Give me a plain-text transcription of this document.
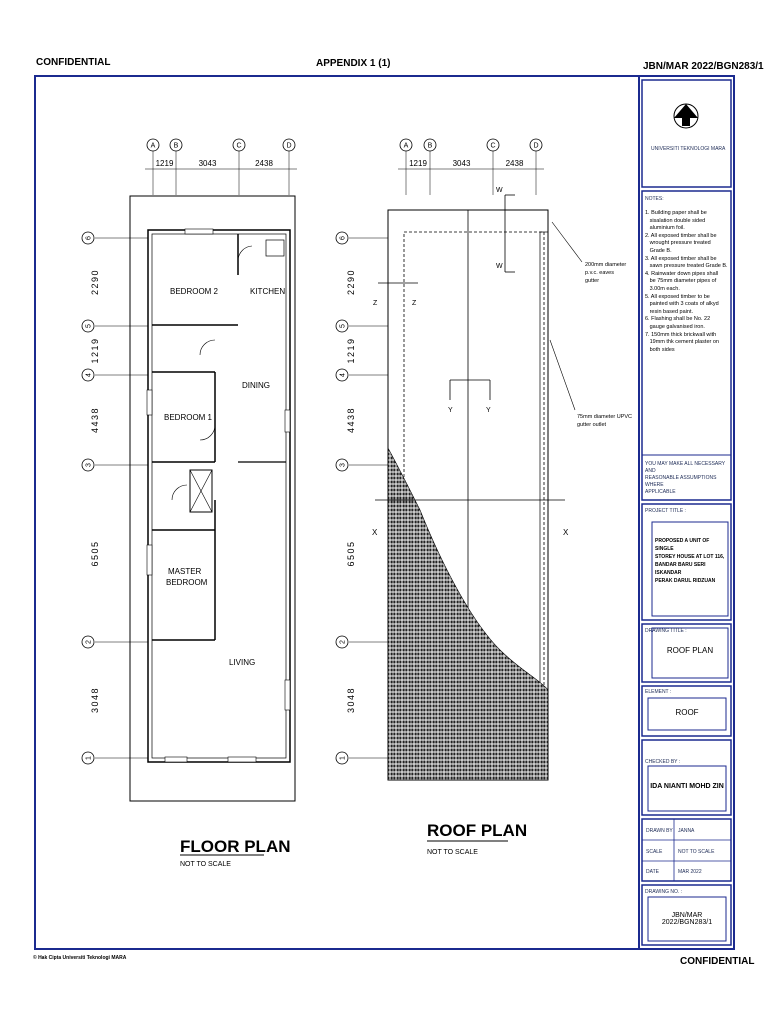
CONFIDENTIAL	APPENDIX 1 (1)	JBN/MAR 2022/BGN283/1
© Hak Cipta Universiti Teknologi MARA	CONFIDENTIAL
BEDROOM 2	KITCHEN
DINING
BEDROOM 1
MASTER
BEDROOM
LIVING
FLOOR PLAN
NOT TO SCALE
X	X
Y	Y
Z	Z
W
W	200mm diameter
p.v.c. eaves
gutter
75mm diameter UPVC
gutter outlet
ROOF PLAN
NOT TO SCALE
A	B	C	D
1219	3043	2438
6
5
4
3
2
1
2290
1219
4438
6505
3048
A	B	C	D
1219	3043	2438
6
5
4
3
2
1
2290
1219
4438
6505
3048
UNIVERSITI TEKNOLOGI MARA
NOTES:
1. Building paper shall be
sisalation double sided
aluminium foil.
2. All exposed timber shall be
wrought pressure treated
Grade B.
3. All exposed timber shall be
sawn pressure treated Grade B.
4. Rainwater down pipes shall
be 75mm diameter pipes of
3.00m each.
5. All exposed timber to be
painted with 3 coats of alkyd
resin based paint.
6. Flashing shall be No. 22
gauge galvanised iron.
7. 150mm thick brickwall with
19mm thk cement plaster on
both sides
YOU MAY MAKE ALL NECESSARY AND
REASONABLE ASSUMPTIONS WHERE
APPLICABLE
PROJECT TITLE :
PROPOSED A UNIT OF SINGLE
STOREY HOUSE AT LOT 116,
BANDAR BARU SERI ISKANDAR
PERAK DARUL RIDZUAN
DRAWING TITLE :
ROOF PLAN
ELEMENT :
ROOF
CHECKED BY :
IDA NIANTI MOHD ZIN
DRAWN BY JANNA
SCALE	NOT TO SCALE
DATE	MAR 2022
DRAWING NO. :
JBN/MAR 2022/BGN283/1
